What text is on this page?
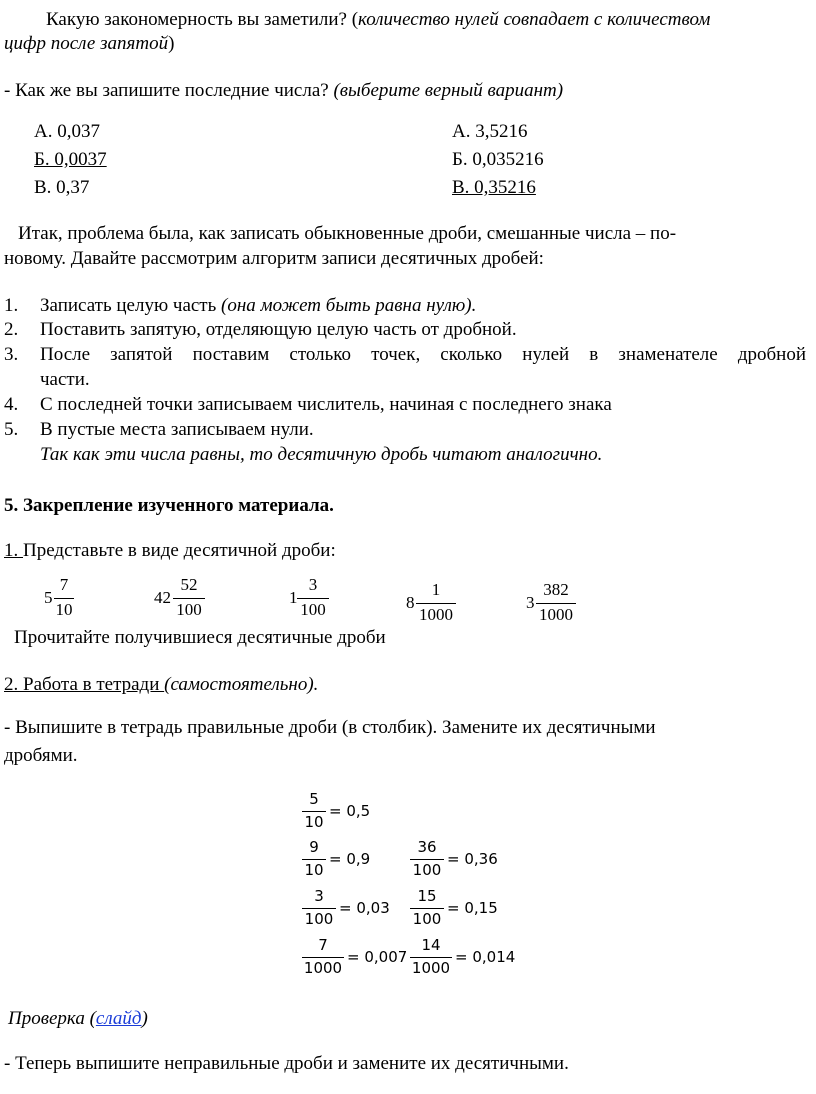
Какую закономерность вы заметили? (количество нулей совпадает с количеством
цифр после запятой)
- Как же вы запишите последние числа? (выберите верный вариант)
А. 0,037
Б. 0,0037
В. 0,37
А. 3,5216
Б. 0,035216
В. 0,35216
Итак, проблема была, как записать обыкновенные дроби, смешанные числа – по-
новому. Давайте рассмотрим алгоритм записи десятичных дробей:
1. Записать целую часть (она может быть равна нулю).
2. Поставить запятую, отделяющую целую часть от дробной.
3. После запятой поставим столько точек, сколько нулей в знаменателе дробной
части.
4. С последней точки записываем числитель, начиная с последнего знака
5. В пустые места записываем нули.
Так как эти числа равны, то десятичную дробь читают аналогично.
5. Закрепление изученного материала.
1. Представьте в виде десятичной дроби:
5
7
10
42
52
100
1
3
100	8
1
1000
3
382
1000
Прочитайте получившиеся десятичные дроби
2. Работа в тетради (самостоятельно).
- Выпишите в тетрадь правильные дроби (в столбик). Замените их десятичными
дробями.
5
10
= 0,5
9
10
= 0,9
36
100
= 0,36
3
100
= 0,03
15
100
= 0,15
7
1000
= 0,007
14
1000
= 0,014
Проверка (слайд)
- Теперь выпишите неправильные дроби и замените их десятичными.
